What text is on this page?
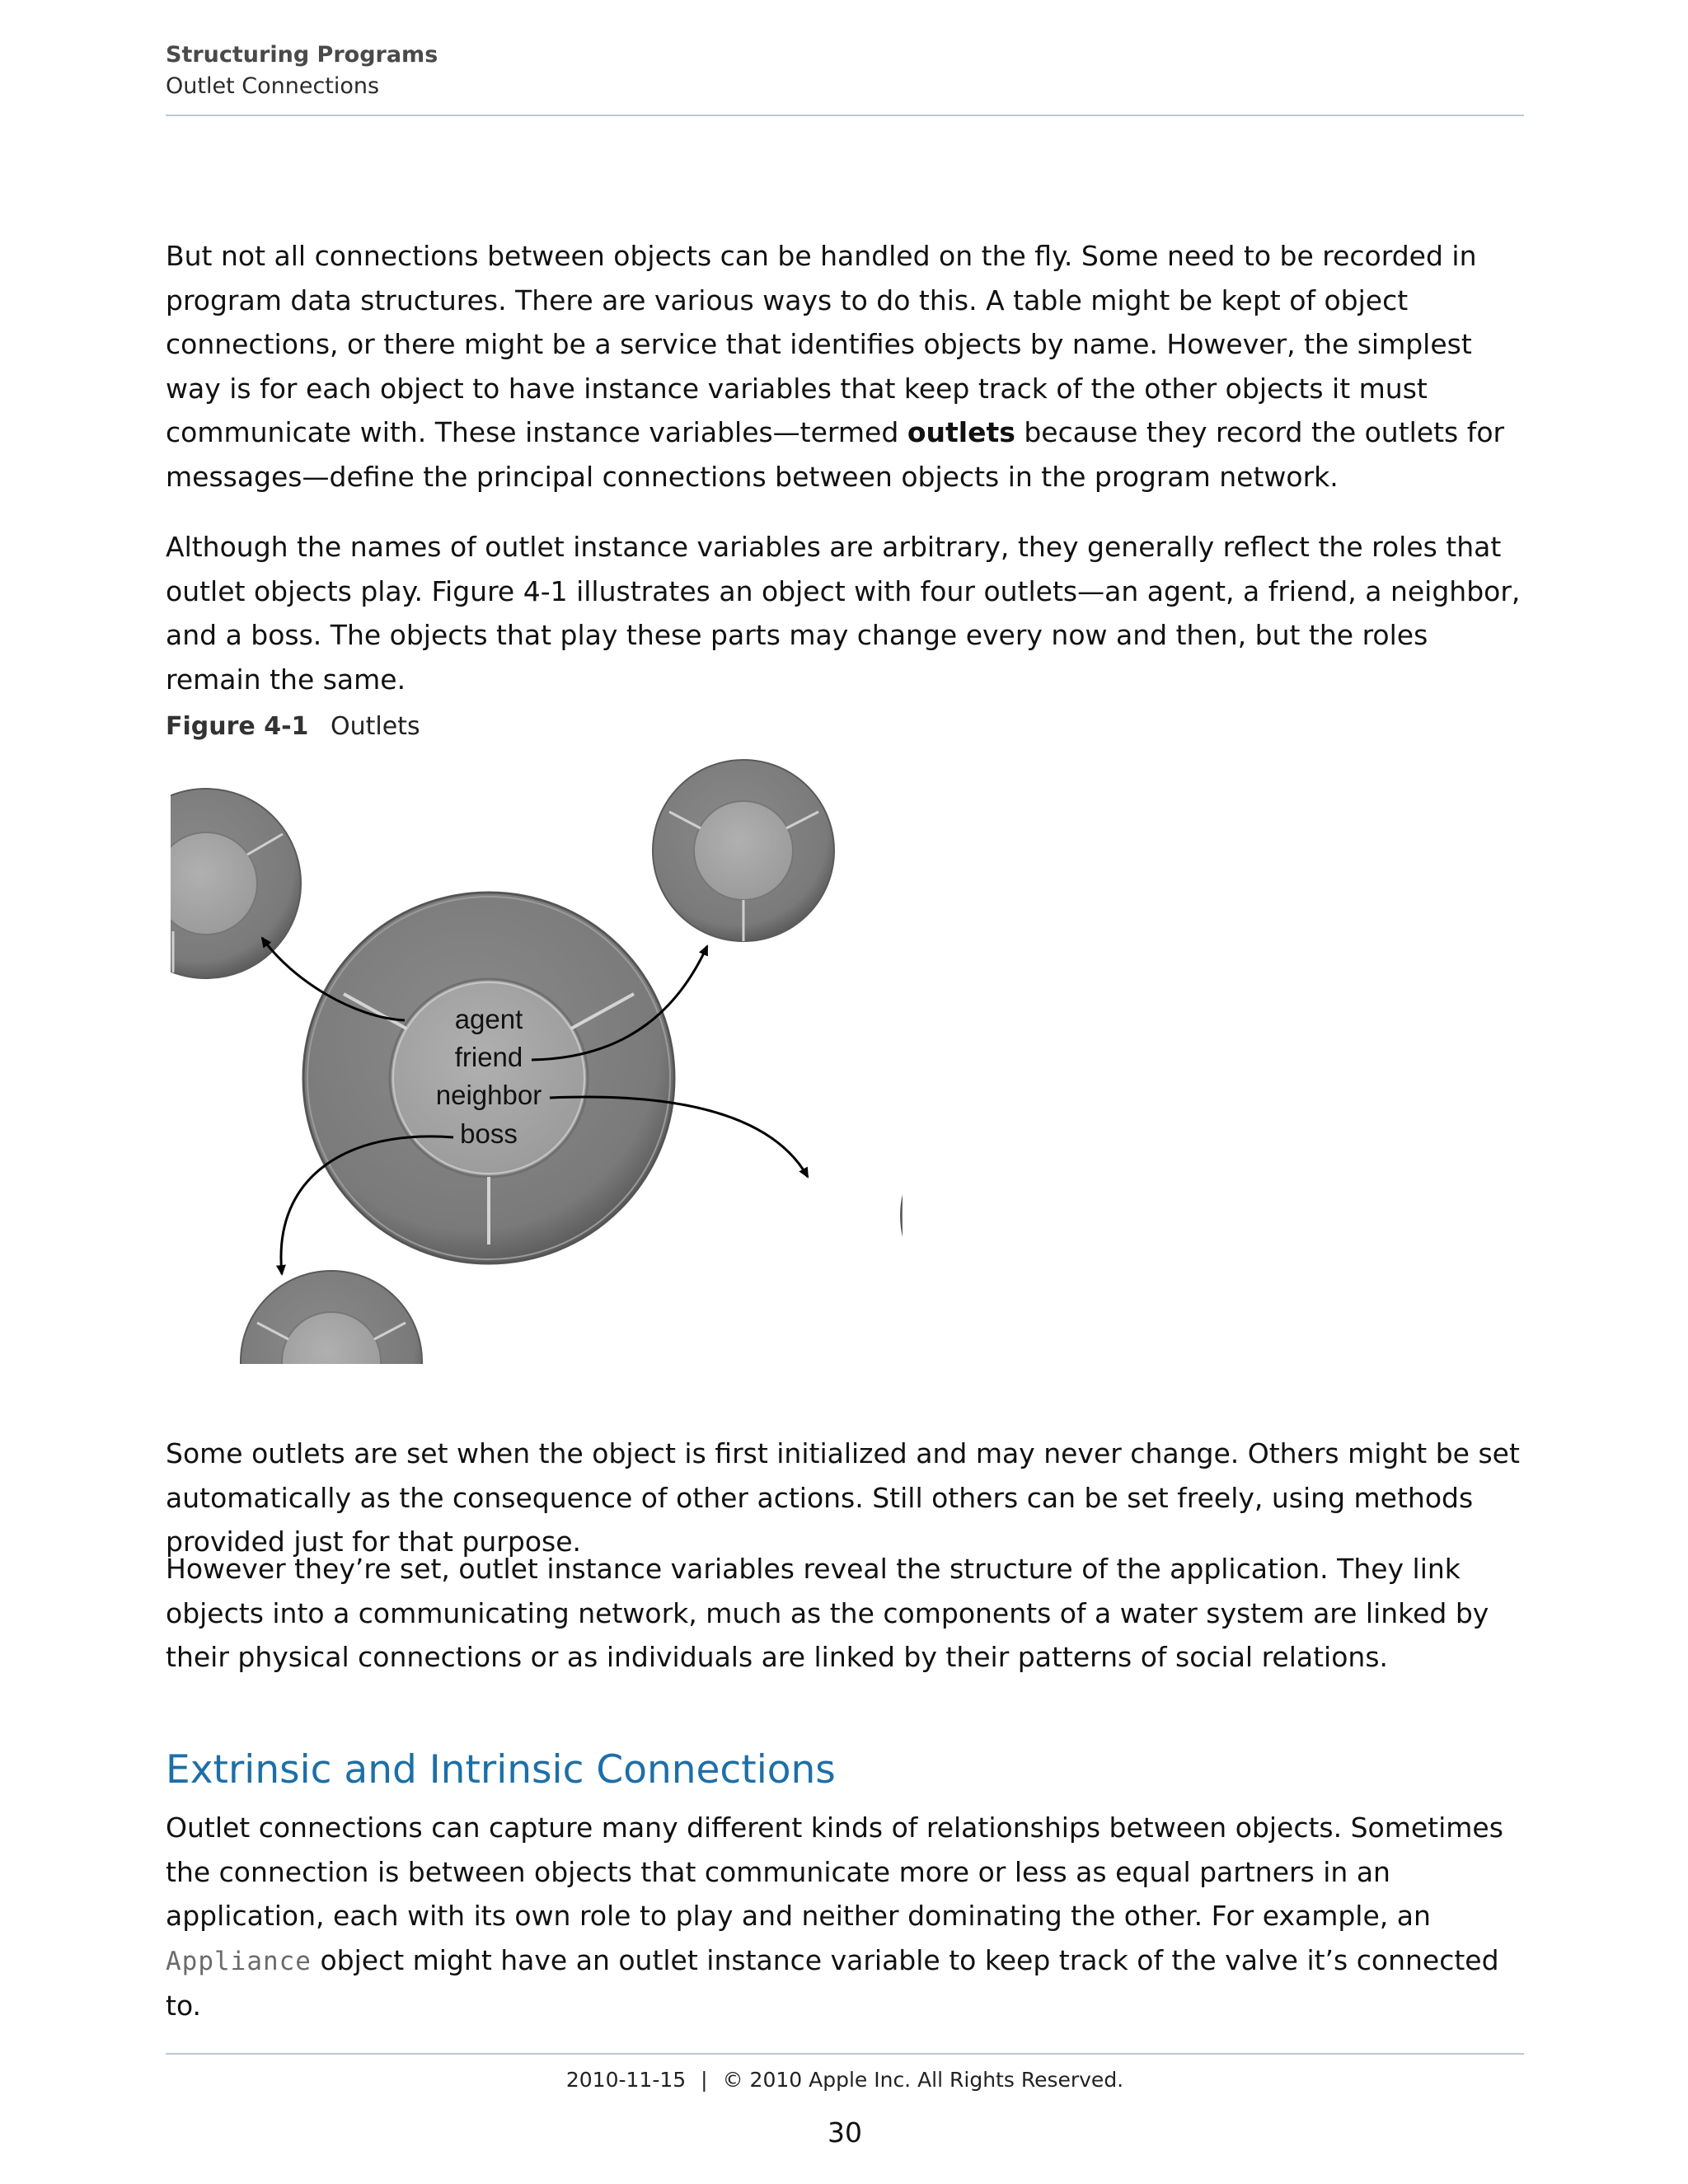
Structuring Programs
Outlet Connections

But not all connections between objects can be handled on the fly. Some need to be recorded in program data structures. There are various ways to do this. A table might be kept of object connections, or there might be a service that identifies objects by name. However, the simplest way is for each object to have instance variables that keep track of the other objects it must communicate with. These instance variables—termed outlets because they record the outlets for messages—define the principal connections between objects in the program network.

Although the names of outlet instance variables are arbitrary, they generally reflect the roles that outlet objects play. Figure 4-1 illustrates an object with four outlets—an agent, a friend, a neighbor, and a boss. The objects that play these parts may change every now and then, but the roles remain the same.

Figure 4-1 Outlets
agent
friend
neighbor
boss

Some outlets are set when the object is first initialized and may never change. Others might be set automatically as the consequence of other actions. Still others can be set freely, using methods provided just for that purpose.

However they’re set, outlet instance variables reveal the structure of the application. They link objects into a communicating network, much as the components of a water system are linked by their physical connections or as individuals are linked by their patterns of social relations.

Extrinsic and Intrinsic Connections

Outlet connections can capture many different kinds of relationships between objects. Sometimes the connection is between objects that communicate more or less as equal partners in an application, each with its own role to play and neither dominating the other. For example, an Appliance object might have an outlet instance variable to keep track of the valve it’s connected to.

2010-11-15 | © 2010 Apple Inc. All Rights Reserved.
30
